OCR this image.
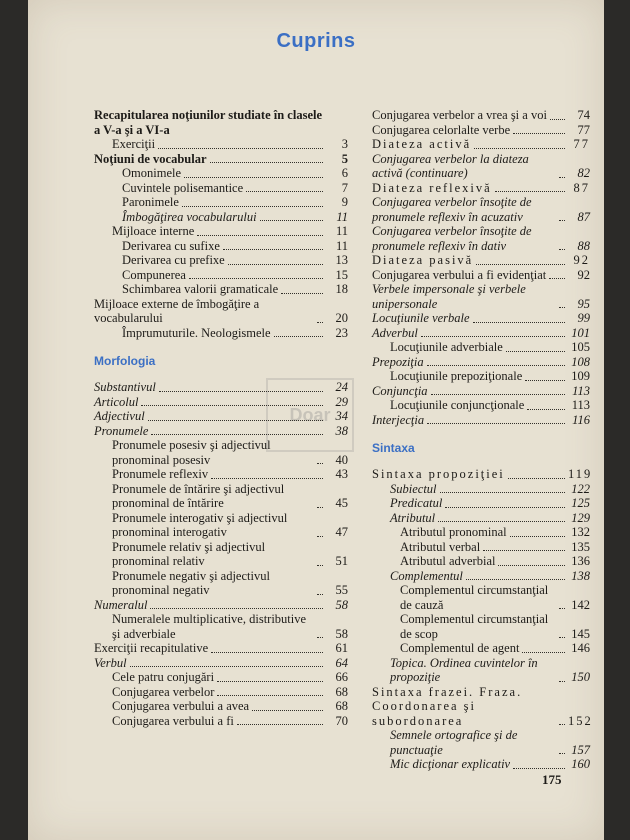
Cuprins
Doar
Recapitularea noţiunilor studiate în clasele a V-a şi a VI-a
Exerciţii	3
Noţiuni de vocabular	5
Omonimele	6
Cuvintele polisemantice	7
Paronimele	9
Îmbogăţirea vocabularului	11
Mijloace interne	11
Derivarea cu sufixe	11
Derivarea cu prefixe	13
Compunerea	15
Schimbarea valorii gramaticale	18
Mijloace externe de îmbogăţire a vocabularului	20
Împrumuturile. Neologismele	23
Morfologia
Substantivul	24
Articolul	29
Adjectivul	34
Pronumele	38
Pronumele posesiv şi adjectivul pronominal posesiv	40
Pronumele reflexiv	43
Pronumele de întărire şi adjectivul pronominal de întărire	45
Pronumele interogativ şi adjectivul pronominal interogativ	47
Pronumele relativ şi adjectivul pronominal relativ	51
Pronumele negativ şi adjectivul pronominal negativ	55
Numeralul	58
Numeralele multiplicative, distributive şi adverbiale	58
Exerciţii recapitulative	61
Verbul	64
Cele patru conjugări	66
Conjugarea verbelor	68
Conjugarea verbului a avea	68
Conjugarea verbului a fi	70
Conjugarea verbelor a vrea şi a voi	74
Conjugarea celorlalte verbe	77
Diateza activă	77
Conjugarea verbelor la diateza activă (continuare)	82
Diateza reflexivă	87
Conjugarea verbelor însoţite de pronumele reflexiv în acuzativ	87
Conjugarea verbelor însoţite de pronumele reflexiv în dativ	88
Diateza pasivă	92
Conjugarea verbului a fi evidenţiat	92
Verbele impersonale şi verbele unipersonale	95
Locuţiunile verbale	99
Adverbul	101
Locuţiunile adverbiale	105
Prepoziţia	108
Locuţiunile prepoziţionale	109
Conjuncţia	113
Locuţiunile conjuncţionale	113
Interjecţia	116
Sintaxa
Sintaxa propoziţiei	119
Subiectul	122
Predicatul	125
Atributul	129
Atributul pronominal	132
Atributul verbal	135
Atributul adverbial	136
Complementul	138
Complementul circumstanţial de cauză	142
Complementul circumstanţial de scop	145
Complementul de agent	146
Topica. Ordinea cuvintelor în propoziţie	150
Sintaxa frazei. Fraza. Coordonarea şi subordonarea	152
Semnele ortografice şi de punctuaţie	157
Mic dicţionar explicativ	160
175
